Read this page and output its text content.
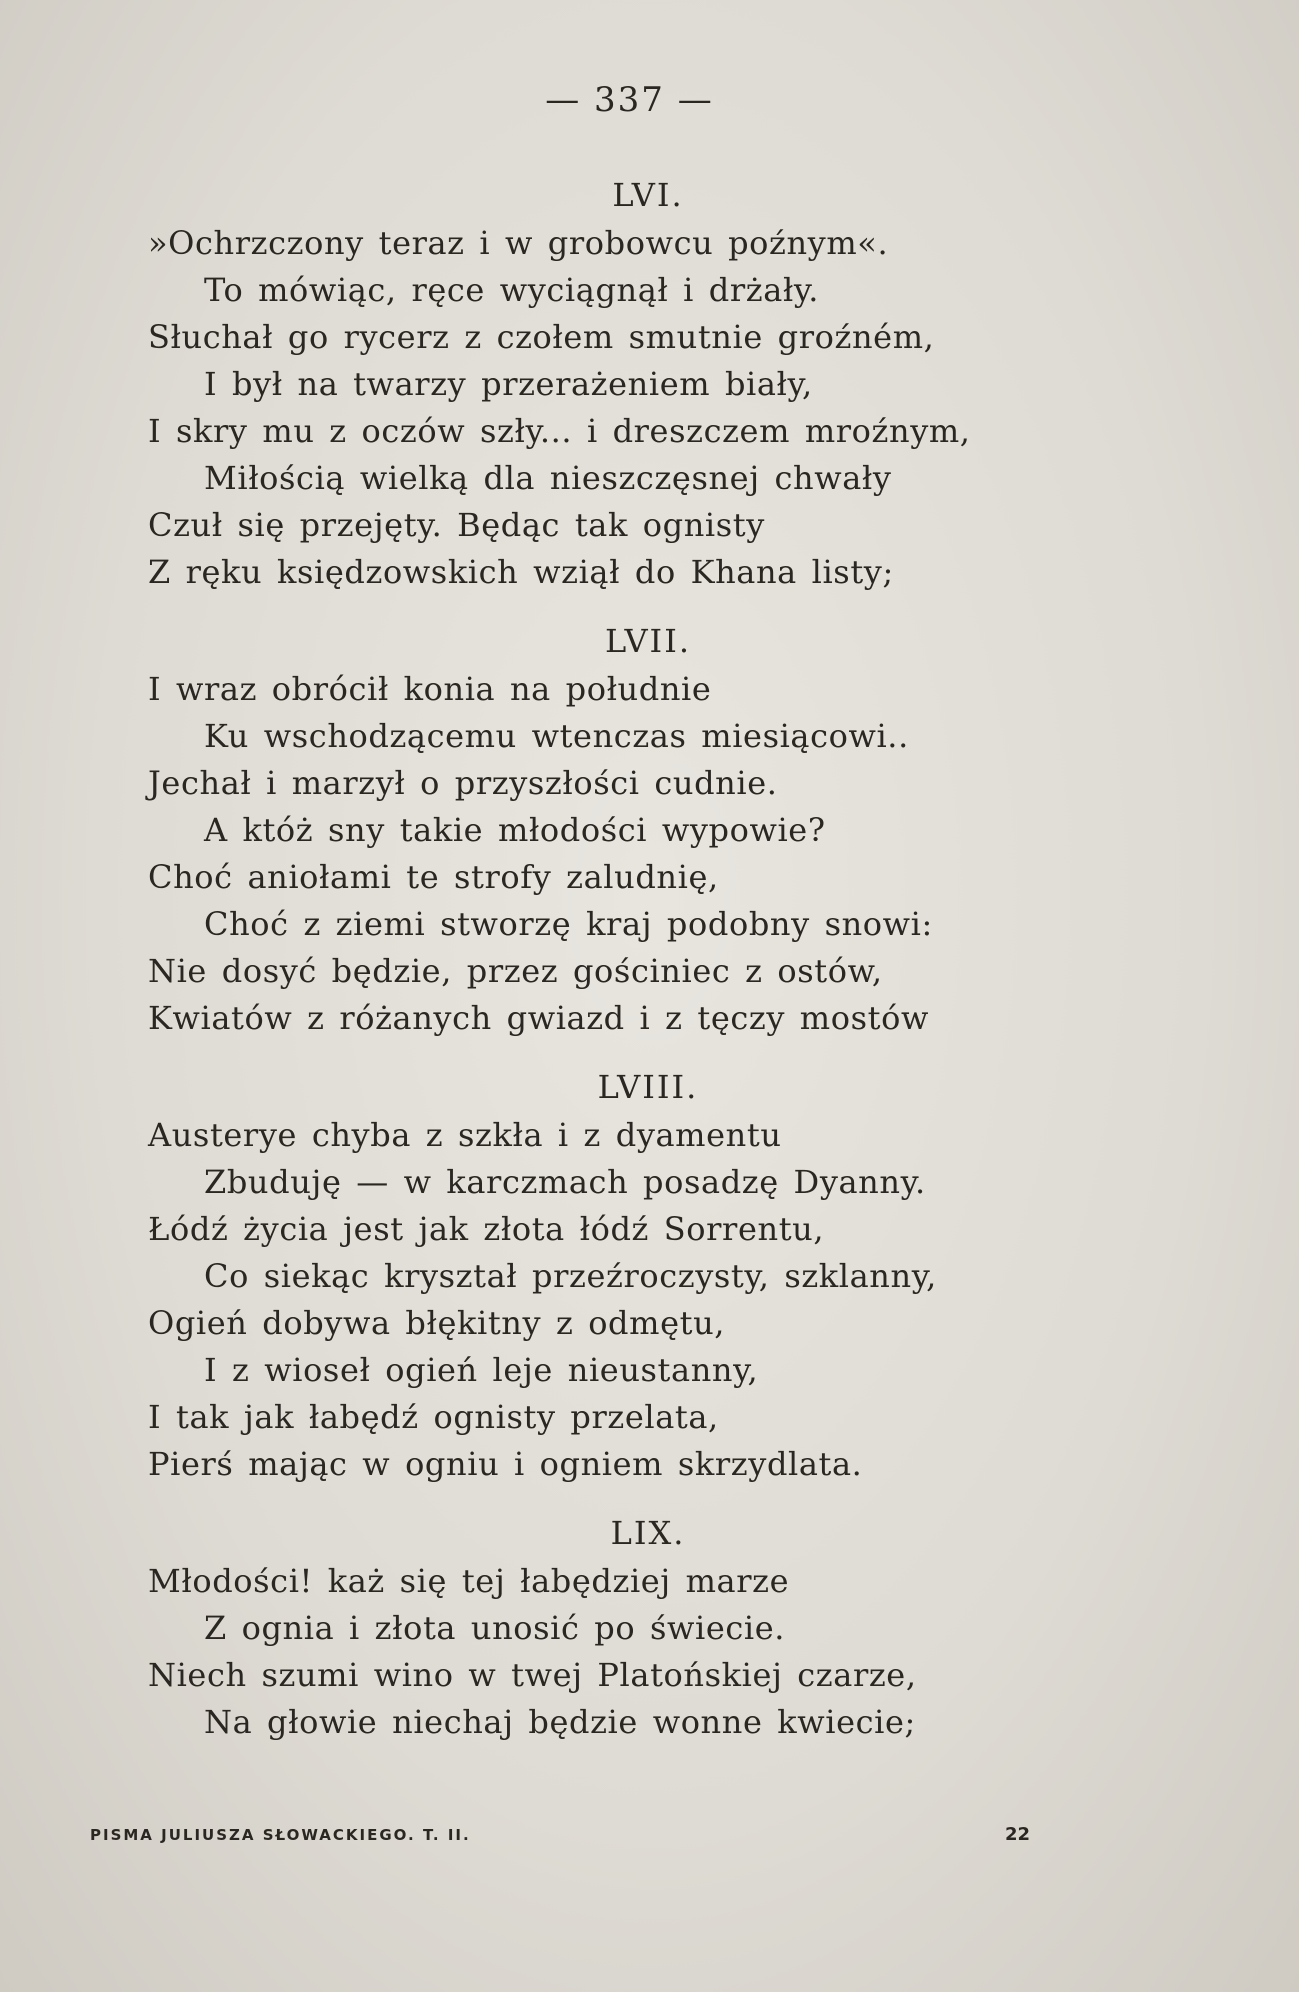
— 337 —
LVI.
»Ochrzczony teraz i w grobowcu poźnym«.
To mówiąc, ręce wyciągnął i drżały.
Słuchał go rycerz z czołem smutnie groźném,
I był na twarzy przerażeniem biały,
I skry mu z oczów szły... i dreszczem mroźnym,
Miłością wielką dla nieszczęsnej chwały
Czuł się przejęty. Będąc tak ognisty
Z ręku księdzowskich wziął do Khana listy;
LVII.
I wraz obrócił konia na południe
Ku wschodzącemu wtenczas miesiącowi..
Jechał i marzył o przyszłości cudnie.
A któż sny takie młodości wypowie?
Choć aniołami te strofy zaludnię,
Choć z ziemi stworzę kraj podobny snowi:
Nie dosyć będzie, przez gościniec z ostów,
Kwiatów z różanych gwiazd i z tęczy mostów
LVIII.
Austerye chyba z szkła i z dyamentu
Zbuduję — w karczmach posadzę Dyanny.
Łódź życia jest jak złota łódź Sorrentu,
Co siekąc kryształ przeźroczysty, szklanny,
Ogień dobywa błękitny z odmętu,
I z wioseł ogień leje nieustanny,
I tak jak łabędź ognisty przelata,
Pierś mając w ogniu i ogniem skrzydlata.
LIX.
Młodości! każ się tej łabędziej marze
Z ognia i złota unosić po świecie.
Niech szumi wino w twej Platońskiej czarze,
Na głowie niechaj będzie wonne kwiecie;
PISMA JULIUSZA SŁOWACKIEGO. T. II.	22
